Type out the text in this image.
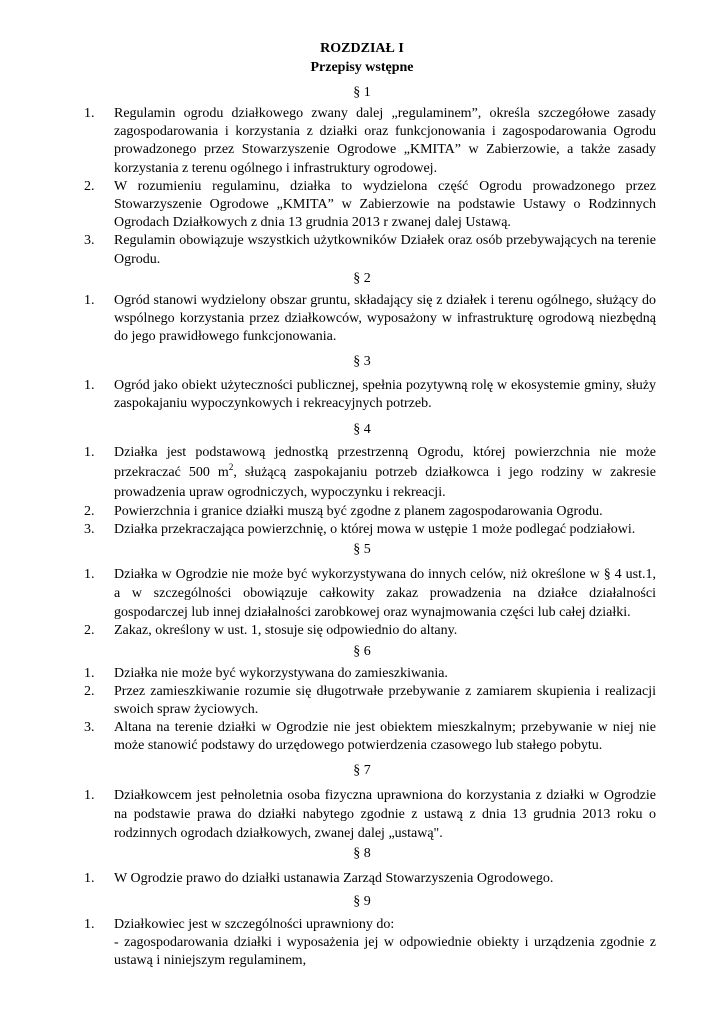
ROZDZIAŁ I
Przepisy wstępne
§ 1
1. Regulamin ogrodu działkowego zwany dalej „regulaminem”, określa szczegółowe zasady zagospodarowania i korzystania z działki oraz funkcjonowania i zagospodarowania Ogrodu prowadzonego przez Stowarzyszenie Ogrodowe „KMITA” w Zabierzowie, a także zasady korzystania z terenu ogólnego i infrastruktury ogrodowej.
2. W rozumieniu regulaminu, działka to wydzielona część Ogrodu prowadzonego przez Stowarzyszenie Ogrodowe „KMITA” w Zabierzowie na podstawie Ustawy o Rodzinnych Ogrodach Działkowych z dnia 13 grudnia 2013 r zwanej dalej Ustawą.
3. Regulamin obowiązuje wszystkich użytkowników Działek oraz osób przebywających na terenie Ogrodu.
§ 2
1. Ogród stanowi wydzielony obszar gruntu, składający się z działek i terenu ogólnego, służący do wspólnego korzystania przez działkowców, wyposażony w infrastrukturę ogrodową niezbędną do jego prawidłowego funkcjonowania.
§ 3
1. Ogród jako obiekt użyteczności publicznej, spełnia pozytywną rolę w ekosystemie gminy, służy zaspokajaniu wypoczynkowych i rekreacyjnych potrzeb.
§ 4
1. Działka jest podstawową jednostką przestrzenną Ogrodu, której powierzchnia nie może przekraczać 500 $m^2$, służącą zaspokajaniu potrzeb działkowca i jego rodziny w zakresie prowadzenia upraw ogrodniczych, wypoczynku i rekreacji.
2. Powierzchnia i granice działki muszą być zgodne z planem zagospodarowania Ogrodu.
3. Działka przekraczająca powierzchnię, o której mowa w ustępie 1 może podlegać podziałowi.
§ 5
1. Działka w Ogrodzie nie może być wykorzystywana do innych celów, niż określone w § 4 ust.1, a w szczególności obowiązuje całkowity zakaz prowadzenia na działce działalności gospodarczej lub innej działalności zarobkowej oraz wynajmowania części lub całej działki.
2. Zakaz, określony w ust. 1, stosuje się odpowiednio do altany.
§ 6
1. Działka nie może być wykorzystywana do zamieszkiwania.
2. Przez zamieszkiwanie rozumie się długotrwałe przebywanie z zamiarem skupienia i realizacji swoich spraw życiowych.
3. Altana na terenie działki w Ogrodzie nie jest obiektem mieszkalnym; przebywanie w niej nie może stanowić podstawy do urzędowego potwierdzenia czasowego lub stałego pobytu.
§ 7
1. Działkowcem jest pełnoletnia osoba fizyczna uprawniona do korzystania z działki w Ogrodzie na podstawie prawa do działki nabytego zgodnie z ustawą z dnia 13 grudnia 2013 roku o rodzinnych ogrodach działkowych, zwanej dalej „ustawą".
§ 8
1. W Ogrodzie prawo do działki ustanawia Zarząd Stowarzyszenia Ogrodowego.
§ 9
1. Działkowiec jest w szczególności uprawniony do:
- zagospodarowania działki i wyposażenia jej w odpowiednie obiekty i urządzenia zgodnie z ustawą i niniejszym regulaminem,
